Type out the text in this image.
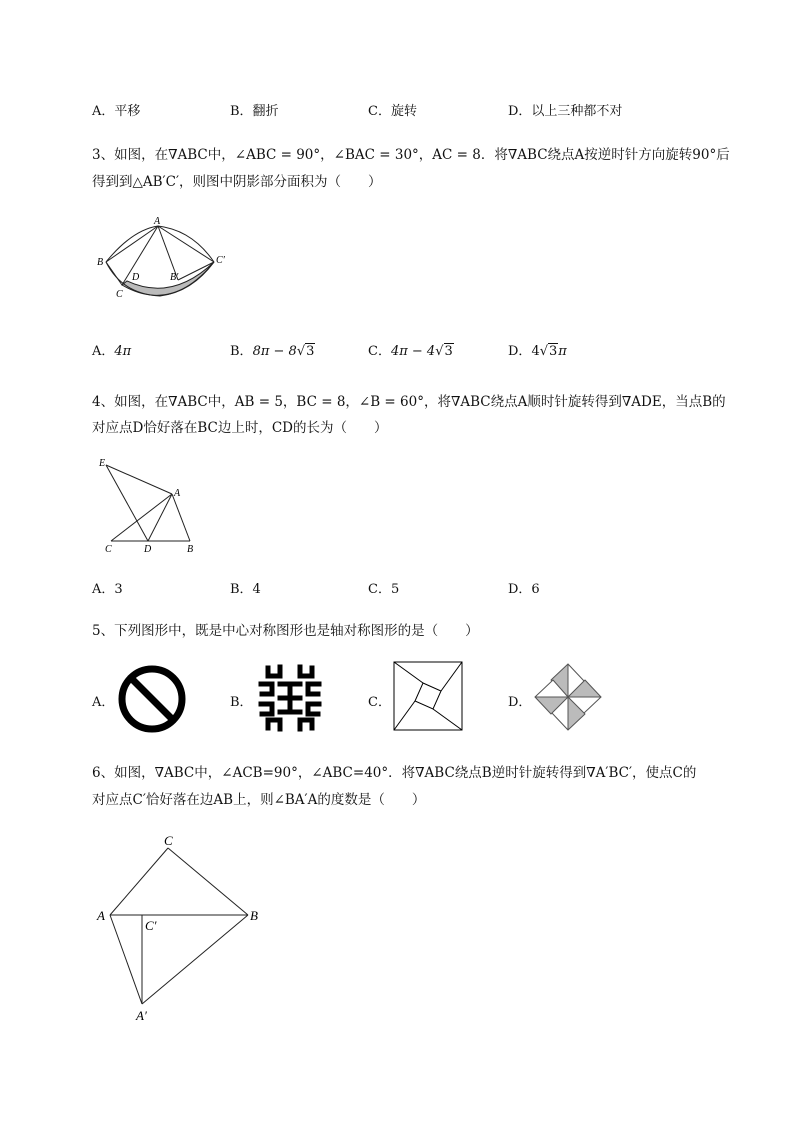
A．平移	B．翻折	C．旋转	D．以上三种都不对
3、如图，在∇ABC中，∠ABC = 90°，∠BAC = 30°，AC = 8．将∇ABC绕点A按逆时针方向旋转90°后
得到到△AB′C′，则图中阴影部分面积为（　　）
A
B
C
D	B′
C′
A．4π	B．8π − 8√3	C．4π − 4√3	D．4√3π
4、如图，在∇ABC中，AB = 5，BC = 8，∠B = 60°，将∇ABC绕点A顺时针旋转得到∇ADE，当点B的
对应点D恰好落在BC边上时，CD的长为（　　）
E
A
C	D	B
A．3	B．4	C．5	D．6
5、下列图形中，既是中心对称图形也是轴对称图形的是（　　）
A．	B．	C．	D．
6、如图，∇ABC中，∠ACB=90°，∠ABC=40°．将∇ABC绕点B逆时针旋转得到∇A′BC′，使点C的
对应点C′恰好落在边AB上，则∠BA′A的度数是（　　）
C
A	B
C′
A′
